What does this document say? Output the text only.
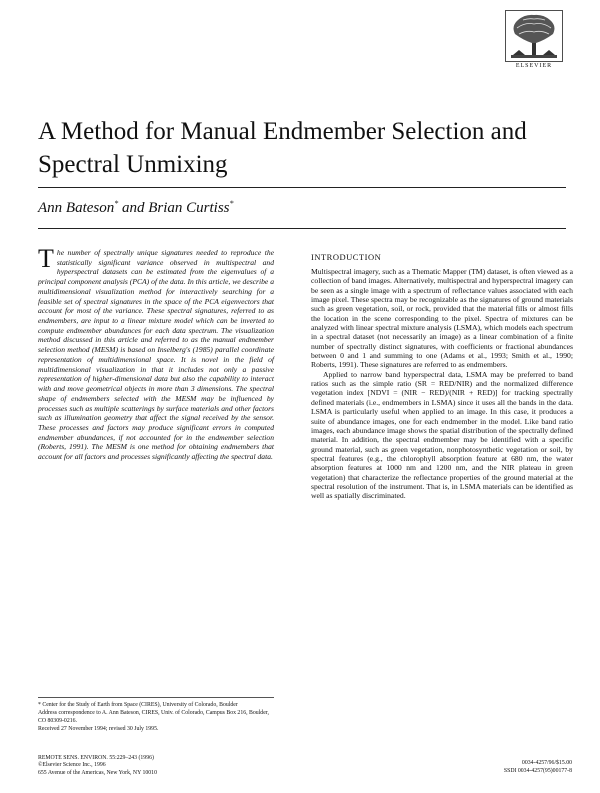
ELSEVIER
A Method for Manual Endmember Selection and Spectral Unmixing
Ann Bateson* and Brian Curtiss*

The number of spectrally unique signatures needed to reproduce the statistically significant variance observed in multispectral and hyperspectral datasets can be estimated from the eigenvalues of a principal component analysis (PCA) of the data. In this article, we describe a multidimensional visualization method for interactively searching for a feasible set of spectral signatures in the space of the PCA eigenvectors that account for most of the variance. These spectral signatures, referred to as endmembers, are input to a linear mixture model which can be inverted to compute endmember abundances for each data spectrum. The visualization method discussed in this article and referred to as the manual endmember selection method (MESM) is based on Inselberg's (1985) parallel coordinate representation of multidimensional space. It is novel in the field of multidimensional visualization in that it includes not only a passive representation of higher-dimensional data but also the capability to interact with and move geometrical objects in more than 3 dimensions. The spectral shape of endmembers selected with the MESM may be influenced by processes such as multiple scatterings by surface materials and other factors such as illumination geometry that affect the signal received by the sensor. These processes and factors may produce significant errors in computed endmember abundances, if not accounted for in the endmember selection (Roberts, 1991). The MESM is one method for obtaining endmembers that account for all factors and processes significantly affecting the spectral data.

* Center for the Study of Earth from Space (CIRES), University of Colorado, Boulder

Address correspondence to A. Ann Bateson, CIRES, Univ. of Colorado, Campus Box 216, Boulder, CO 80309-0216.

Received 27 November 1994; revised 30 July 1995.

REMOTE SENS. ENVIRON. 55:229–243 (1996)

©Elsevier Science Inc., 1996

655 Avenue of the Americas, New York, NY 10010

0034-4257/96/$15.00

SSDI 0034-4257(95)00177-8

INTRODUCTION

Multispectral imagery, such as a Thematic Mapper (TM) dataset, is often viewed as a collection of band images. Alternatively, multispectral and hyperspectral imagery can be seen as a single image with a spectrum of reflectance values associated with each image pixel. These spectra may be recognizable as the signatures of ground materials such as green vegetation, soil, or rock, provided that the material fills or almost fills the location in the scene corresponding to the pixel. Spectra of mixtures can be analyzed with linear spectral mixture analysis (LSMA), which models each spectrum in a spectral dataset (not necessarily an image) as a linear combination of a finite number of spectrally distinct signatures, with coefficients or fractional abundances between 0 and 1 and summing to one (Adams et al., 1993; Smith et al., 1990; Roberts, 1991). These signatures are referred to as endmembers.

Applied to narrow band hyperspectral data, LSMA may be preferred to band ratios such as the simple ratio (SR = RED/NIR) and the normalized difference vegetation index [NDVI = (NIR − RED)/(NIR + RED)] for tracking spectrally defined materials (i.e., endmembers in LSMA) since it uses all the bands in the data. LSMA is particularly useful when applied to an image. In this case, it produces a suite of abundance images, one for each endmember in the model. Like band ratio images, each abundance image shows the spatial distribution of the spectrally defined material. In addition, the spectral endmember may be identified with a specific ground material, such as green vegetation, nonphotosynthetic vegetation or soil, by spectral features (e.g., the chlorophyll absorption feature at 680 nm, the water absorption features at 1000 nm and 1200 nm, and the NIR plateau in green vegetation) that characterize the reflectance properties of the ground material at the spectral resolution of the instrument. That is, in LSMA materials can be identified as well as spatially discriminated.
